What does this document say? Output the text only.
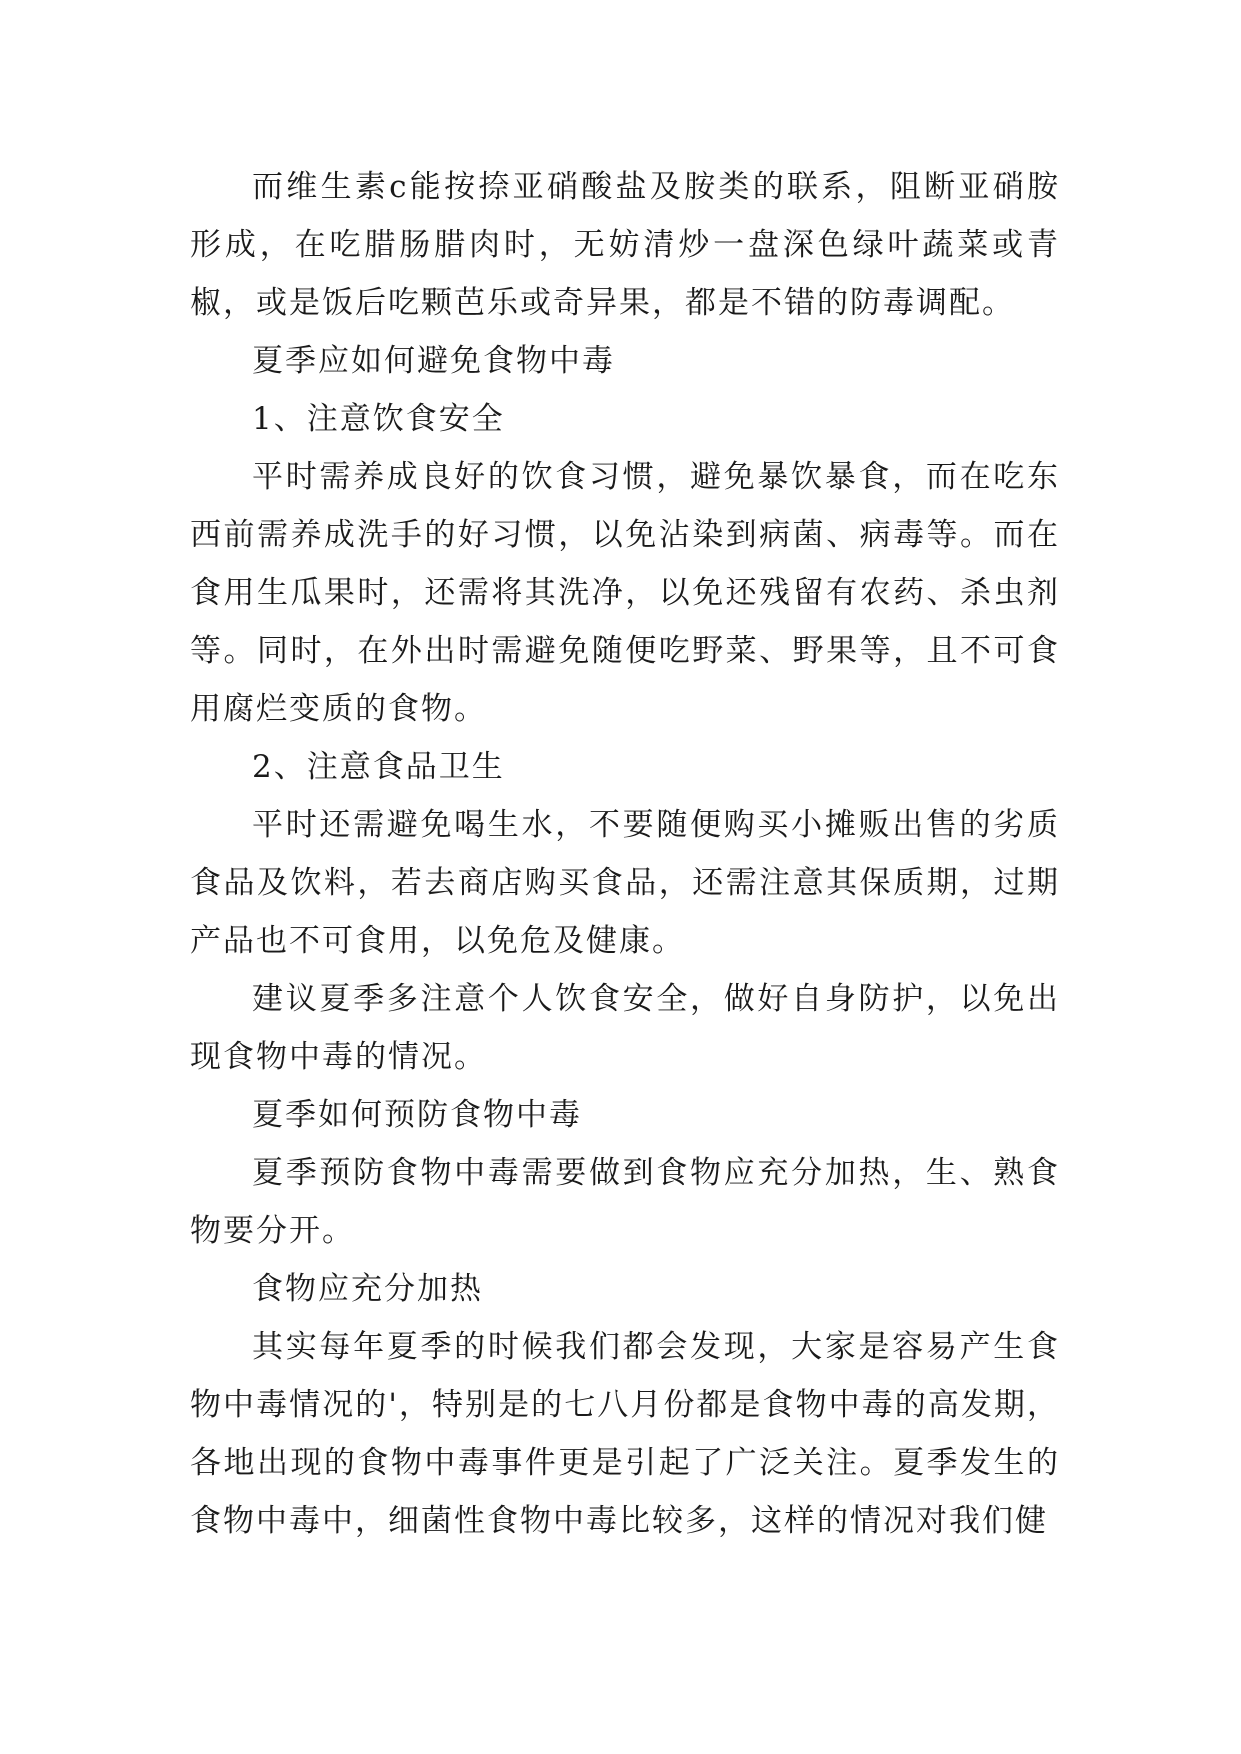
而维生素c能按捺亚硝酸盐及胺类的联系，阻断亚硝胺形成，在吃腊肠腊肉时，无妨清炒一盘深色绿叶蔬菜或青椒，或是饭后吃颗芭乐或奇异果，都是不错的防毒调配。

夏季应如何避免食物中毒

1、注意饮食安全

平时需养成良好的饮食习惯，避免暴饮暴食，而在吃东西前需养成洗手的好习惯，以免沾染到病菌、病毒等。而在食用生瓜果时，还需将其洗净，以免还残留有农药、杀虫剂等。同时，在外出时需避免随便吃野菜、野果等，且不可食用腐烂变质的食物。

2、注意食品卫生

平时还需避免喝生水，不要随便购买小摊贩出售的劣质食品及饮料，若去商店购买食品，还需注意其保质期，过期产品也不可食用，以免危及健康。

建议夏季多注意个人饮食安全，做好自身防护，以免出现食物中毒的情况。

夏季如何预防食物中毒

夏季预防食物中毒需要做到食物应充分加热，生、熟食物要分开。

食物应充分加热

其实每年夏季的时候我们都会发现，大家是容易产生食物中毒情况的'，特别是的七八月份都是食物中毒的高发期，各地出现的食物中毒事件更是引起了广泛关注。夏季发生的食物中毒中，细菌性食物中毒比较多，这样的情况对我们健
